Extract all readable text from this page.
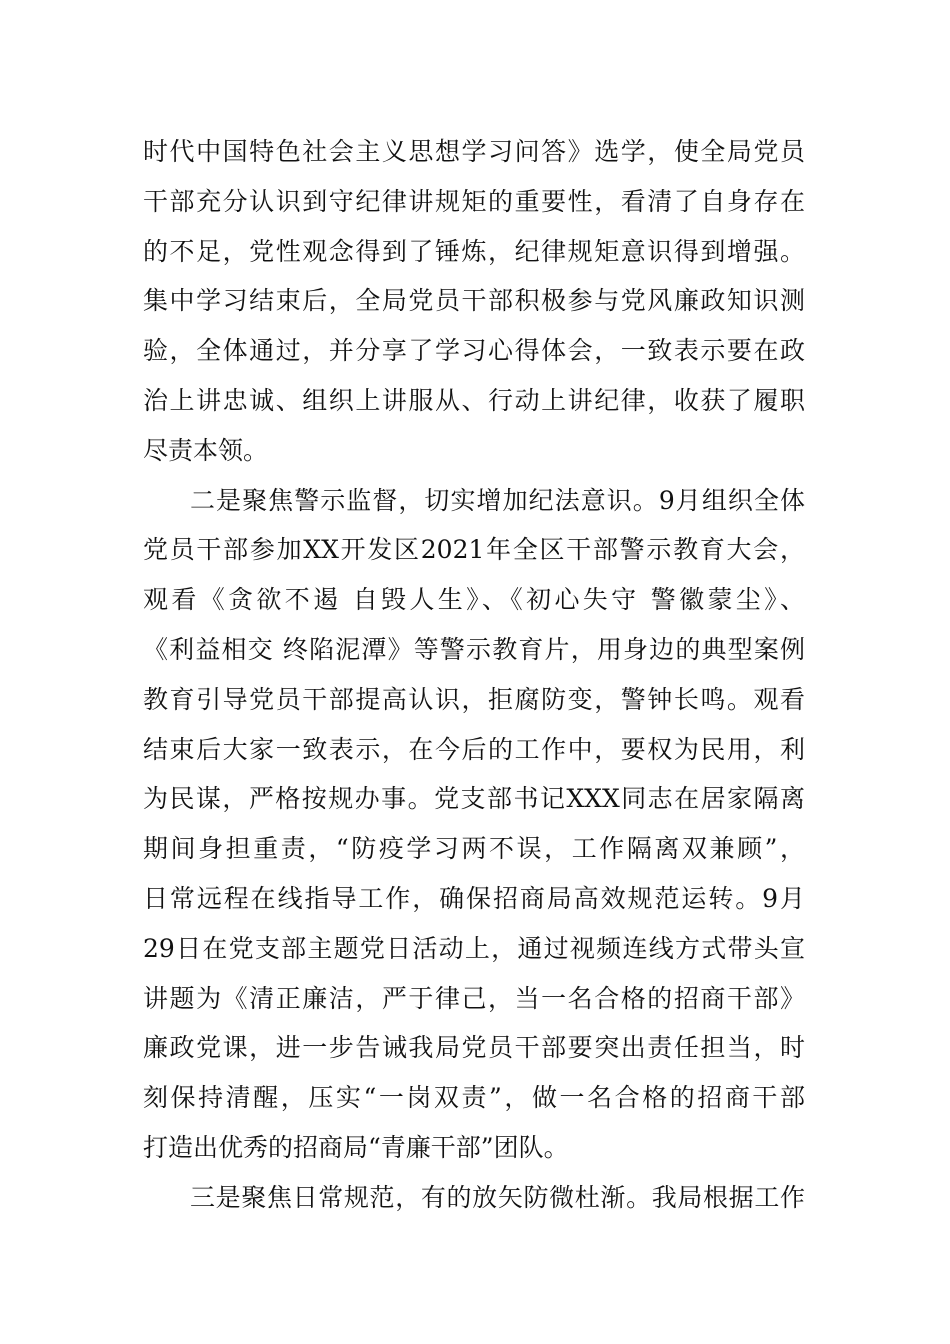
时代中国特色社会主义思想学习问答》选学，使全局党员
干部充分认识到守纪律讲规矩的重要性，看清了自身存在
的不足，党性观念得到了锤炼，纪律规矩意识得到增强。
集中学习结束后，全局党员干部积极参与党风廉政知识测
验，全体通过，并分享了学习心得体会，一致表示要在政
治上讲忠诚、组织上讲服从、行动上讲纪律，收获了履职
尽责本领。
二是聚焦警示监督，切实增加纪法意识。9月组织全体
党员干部参加XX开发区2021年全区干部警示教育大会，
观看《贪欲不遏 自毁人生》、《初心失守 警徽蒙尘》、
《利益相交 终陷泥潭》等警示教育片，用身边的典型案例
教育引导党员干部提高认识，拒腐防变，警钟长鸣。观看
结束后大家一致表示，在今后的工作中，要权为民用，利
为民谋，严格按规办事。党支部书记XXX同志在居家隔离
期间身担重责，“防疫学习两不误，工作隔离双兼顾”，
日常远程在线指导工作，确保招商局高效规范运转。9月
29日在党支部主题党日活动上，通过视频连线方式带头宣
讲题为《清正廉洁，严于律己，当一名合格的招商干部》
廉政党课，进一步告诫我局党员干部要突出责任担当，时
刻保持清醒，压实“一岗双责”，做一名合格的招商干部
打造出优秀的招商局“青廉干部”团队。
三是聚焦日常规范，有的放矢防微杜渐。我局根据工作
